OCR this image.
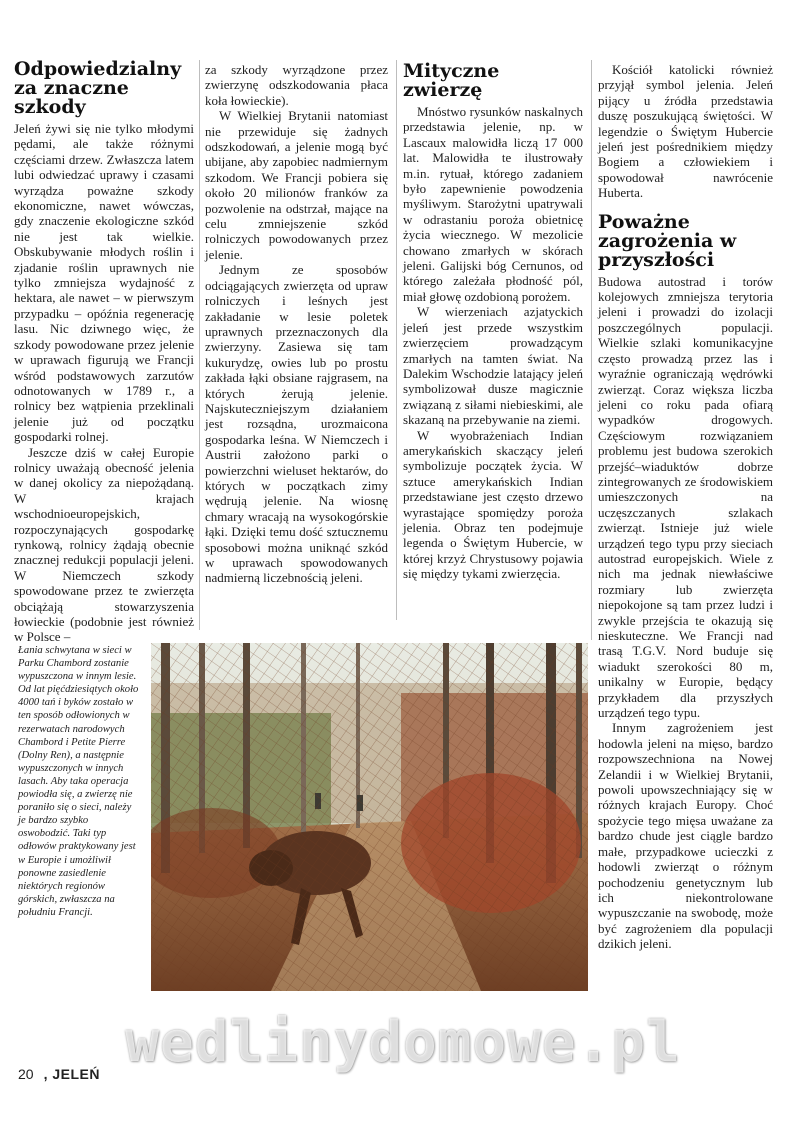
Odpowiedzialny za znaczne szkody

Jeleń żywi się nie tylko młodymi pędami, ale także różnymi częściami drzew. Zwłaszcza latem lubi odwiedzać uprawy i czasami wyrządza poważne szkody ekonomiczne, nawet wówczas, gdy znaczenie ekologiczne szkód nie jest tak wielkie. Obskubywanie młodych roślin i zjadanie roślin uprawnych nie tylko zmniejsza wydajność z hektara, ale nawet – w pierwszym przypadku – opóźnia regenerację lasu. Nic dziwnego więc, że szkody powodowane przez jelenie w uprawach figurują we Francji wśród podstawowych zarzutów odnotowanych w 1789 r., a rolnicy bez wątpienia przeklinali jelenie już od początku gospodarki rolnej.

Jeszcze dziś w całej Europie rolnicy uważają obecność jelenia w danej okolicy za niepożądaną. W krajach wschodnioeuropejskich, rozpoczynających gospodarkę rynkową, rolnicy żądają obecnie znacznej redukcji populacji jeleni. W Niemczech szkody spowodowane przez te zwierzęta obciążają stowarzyszenia łowieckie (podobnie jest również w Polsce –

za szkody wyrządzone przez zwierzynę odszkodowania płaca koła łowieckie).

W Wielkiej Brytanii natomiast nie przewiduje się żadnych odszkodowań, a jelenie mogą być ubijane, aby zapobiec nadmiernym szkodom. We Francji pobiera się około 20 milionów franków za pozwolenie na odstrzał, mające na celu zmniejszenie szkód rolniczych powodowanych przez jelenie.

Jednym ze sposobów odciągających zwierzęta od upraw rolniczych i leśnych jest zakładanie w lesie poletek uprawnych przeznaczonych dla zwierzyny. Zasiewa się tam kukurydzę, owies lub po prostu zakłada łąki obsiane rajgrasem, na których żerują jelenie. Najskuteczniejszym działaniem jest rozsądna, urozmaicona gospodarka leśna. W Niemczech i Austrii założono parki o powierzchni wieluset hektarów, do których w początkach zimy wędrują jelenie. Na wiosnę chmary wracają na wysokogórskie łąki. Dzięki temu dość sztucznemu sposobowi można uniknąć szkód w uprawach spowodowanych nadmierną liczebnością jeleni.

Mityczne zwierzę

Mnóstwo rysunków naskalnych przedstawia jelenie, np. w Lascaux malowidła liczą 17 000 lat. Malowidła te ilustrowały m.in. rytuał, którego zadaniem było zapewnienie powodzenia myśliwym. Starożytni upatrywali w odrastaniu poroża obietnicę życia wiecznego. W mezolicie chowano zmarłych w skórach jeleni. Galijski bóg Cernunos, od którego zależała płodność pól, miał głowę ozdobioną porożem.

W wierzeniach azjatyckich jeleń jest przede wszystkim zwierzęciem prowadzącym zmarłych na tamten świat. Na Dalekim Wschodzie latający jeleń symbolizował dusze magicznie związaną z siłami niebieskimi, ale skazaną na przebywanie na ziemi.

W wyobrażeniach Indian amerykańskich skaczący jeleń symbolizuje początek życia. W sztuce amerykańskich Indian przedstawiane jest często drzewo wyrastające spomiędzy poroża jelenia. Obraz ten podejmuje legenda o Świętym Hubercie, w której krzyż Chrystusowy pojawia się między tykami zwierzęcia.

Kościół katolicki również przyjął symbol jelenia. Jeleń pijący u źródła przedstawia duszę poszukującą świętości. W legendzie o Świętym Hubercie jeleń jest pośrednikiem między Bogiem a człowiekiem i spowodował nawrócenie Huberta.

Poważne zagrożenia w przyszłości

Budowa autostrad i torów kolejowych zmniejsza terytoria jeleni i prowadzi do izolacji poszczególnych populacji. Wielkie szlaki komunikacyjne często prowadzą przez las i wyraźnie ograniczają wędrówki zwierząt. Coraz większa liczba jeleni co roku pada ofiarą wypadków drogowych. Częściowym rozwiązaniem problemu jest budowa szerokich przejść–wiaduktów dobrze zintegrowanych ze środowiskiem umieszczonych na uczęszczanych szlakach zwierząt. Istnieje już wiele urządzeń tego typu przy sieciach autostrad europejskich. Wiele z nich ma jednak niewłaściwe rozmiary lub zwierzęta niepokojone są tam przez ludzi i zwykle przejścia te okazują się nieskuteczne. We Francji nad trasą T.G.V. Nord buduje się wiadukt szerokości 80 m, unikalny w Europie, będący przykładem dla przyszłych urządzeń tego typu.

Innym zagrożeniem jest hodowla jeleni na mięso, bardzo rozpowszechniona na Nowej Zelandii i w Wielkiej Brytanii, powoli upowszechniający się w różnych krajach Europy. Choć spożycie tego mięsa uważane za bardzo chude jest ciągle bardzo małe, przypadkowe ucieczki z hodowli zwierząt o różnym pochodzeniu genetycznym lub ich niekontrolowane wypuszczanie na swobodę, może być zagrożeniem dla populacji dzikich jeleni.

Łania schwytana w sieci w Parku Chambord zostanie wypuszczona w innym lesie. Od lat pięćdziesiątych około 4000 tań i byków zostało w ten sposób odłowionych w rezerwatach narodowych Chambord i Petite Pierre (Dolny Ren), a następnie wypuszczonych w innych lasach. Aby taka operacja powiodła się, a zwierzę nie poraniło się o sieci, należy je bardzo szybko oswobodzić. Taki typ odłowów praktykowany jest w Europie i umożliwił ponowne zasiedlenie niektórych regionów górskich, zwłaszcza na południu Francji.
wedlinydomowe.pl
20 , JELEŃ
